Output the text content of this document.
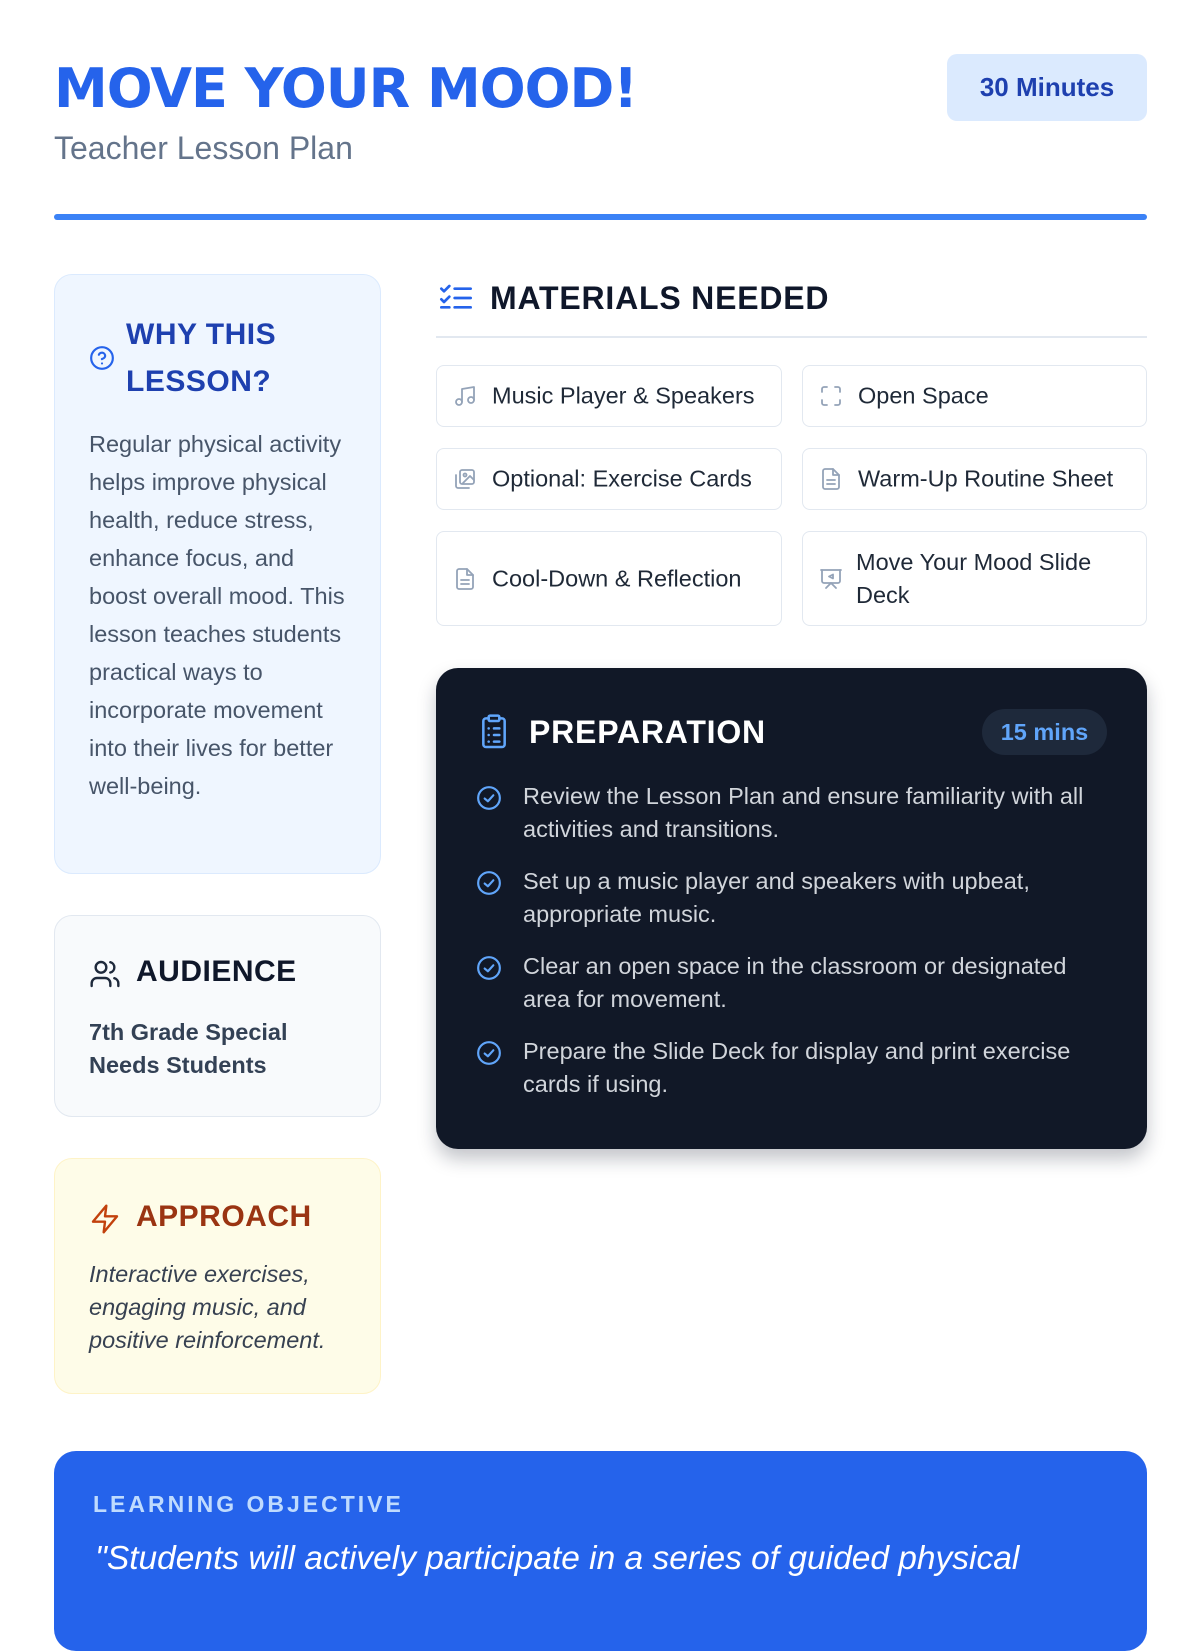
MOVE YOUR MOOD!
Teacher Lesson Plan
30 Minutes
WHY THIS LESSON?
Regular physical activity helps improve physical health, reduce stress, enhance focus, and boost overall mood. This lesson teaches students practical ways to incorporate movement into their lives for better well-being.
AUDIENCE
7th Grade Special Needs Students
APPROACH
Interactive exercises, engaging music, and positive reinforcement.
MATERIALS NEEDED
Music Player & Speakers	Open Space
Optional: Exercise Cards	Warm-Up Routine Sheet
Cool-Down & Reflection
Move Your Mood Slide Deck
PREPARATION	15 mins
Review the Lesson Plan and ensure familiarity with all activities and transitions.
Set up a music player and speakers with upbeat, appropriate music.
Clear an open space in the classroom or designated area for movement.
Prepare the Slide Deck for display and print exercise cards if using.
LEARNING OBJECTIVE
"Students will actively participate in a series of guided physical
